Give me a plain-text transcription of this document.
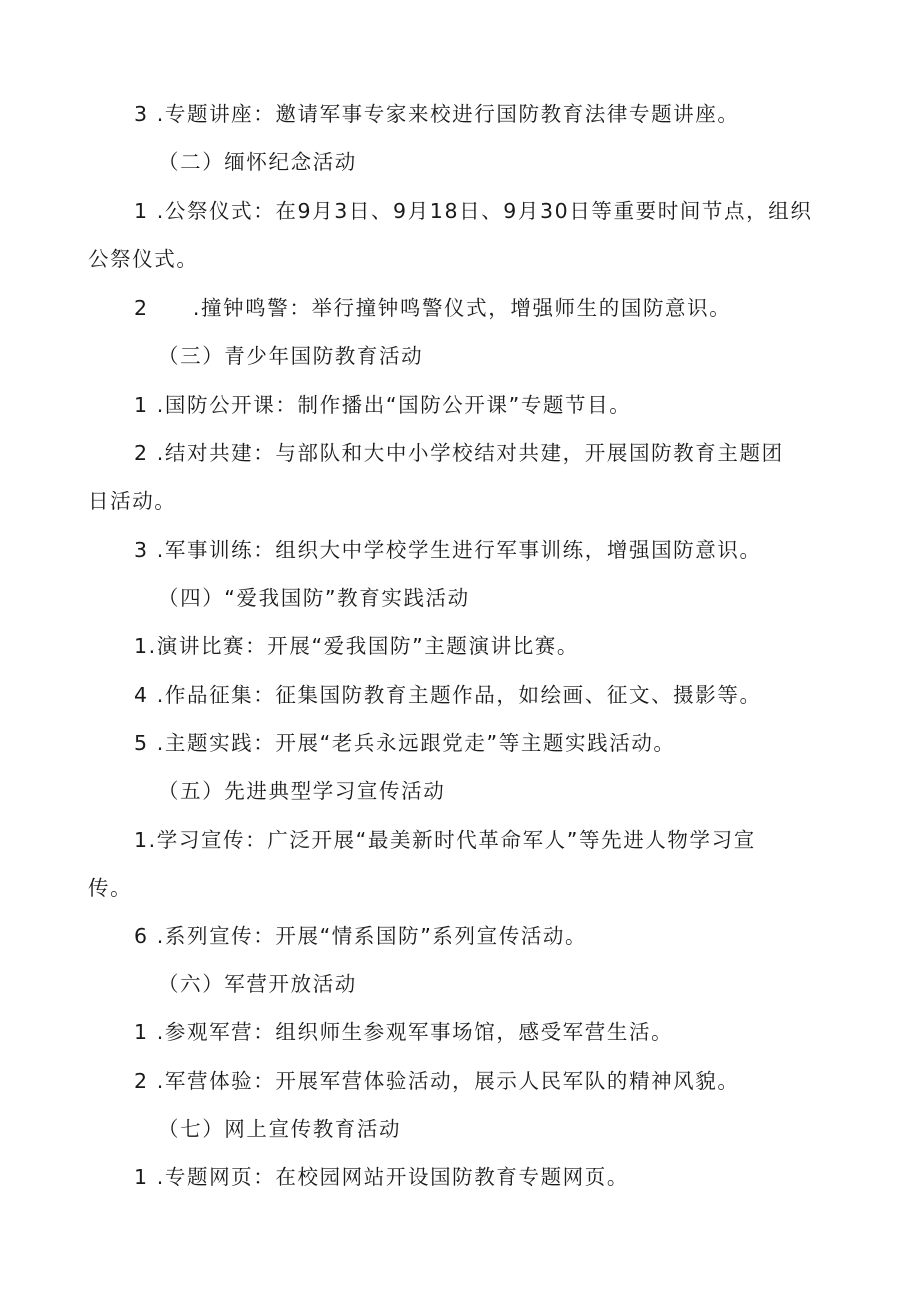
3 .专题讲座：邀请军事专家来校进行国防教育法律专题讲座。
（二）缅怀纪念活动
1 .公祭仪式：在9月3日、9月18日、9月30日等重要时间节点，组织
公祭仪式。
2　　.撞钟鸣警：举行撞钟鸣警仪式，增强师生的国防意识。
（三）青少年国防教育活动
1 .国防公开课：制作播出“国防公开课”专题节目。
2 .结对共建：与部队和大中小学校结对共建，开展国防教育主题团
日活动。
3 .军事训练：组织大中学校学生进行军事训练，增强国防意识。
（四）“爱我国防”教育实践活动
1.演讲比赛：开展“爱我国防”主题演讲比赛。
4 .作品征集：征集国防教育主题作品，如绘画、征文、摄影等。
5 .主题实践：开展“老兵永远跟党走”等主题实践活动。
（五）先进典型学习宣传活动
1.学习宣传：广泛开展“最美新时代革命军人”等先进人物学习宣
传。
6 .系列宣传：开展“情系国防”系列宣传活动。
（六）军营开放活动
1 .参观军营：组织师生参观军事场馆，感受军营生活。
2 .军营体验：开展军营体验活动，展示人民军队的精神风貌。
（七）网上宣传教育活动
1 .专题网页：在校园网站开设国防教育专题网页。
